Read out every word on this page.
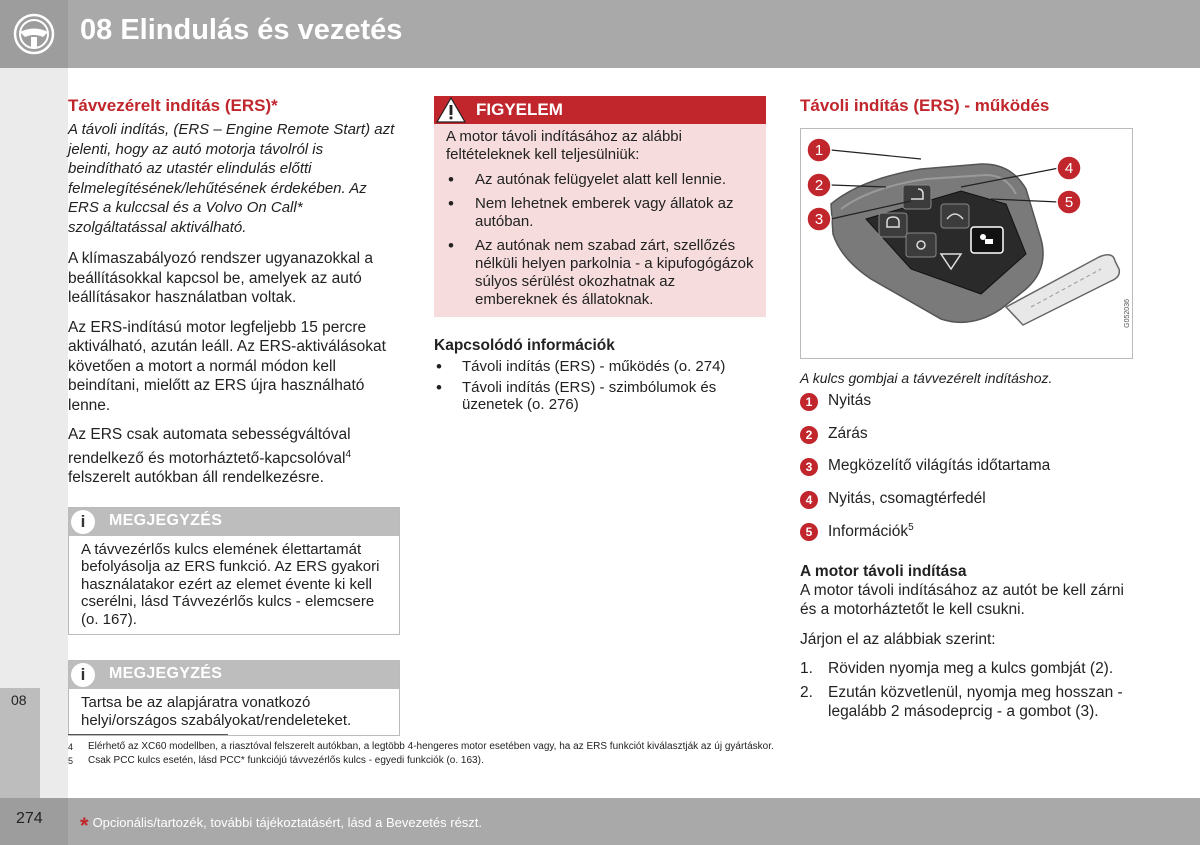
08 Elindulás és vezetés
08
Távvezérelt indítás (ERS)*

A távoli indítás, (ERS – Engine Remote Start) azt jelenti, hogy az autó motorja távolról is beindítható az utastér elindulás előtti felmelegítésének/lehűtésének érdekében. Az ERS a kulccsal és a Volvo On Call* szolgáltatással aktiválható.

A klímaszabályozó rendszer ugyanazokkal a beállításokkal kapcsol be, amelyek az autó leállításakor használatban voltak.

Az ERS-indítású motor legfeljebb 15 percre aktiválható, azután leáll. Az ERS-aktiválásokat követően a motort a normál módon kell beindítani, mielőtt az ERS újra használható lenne.

Az ERS csak automata sebességváltóval rendelkező és motorháztető-kapcsolóval$^4$ felszerelt autókban áll rendelkezésre.

i	MEGJEGYZÉS
A távvezérlős kulcs elemének élettartamát befolyásolja az ERS funkció. Az ERS gyakori használatakor ezért az elemet évente ki kell cserélni, lásd Távvezérlős kulcs - elemcsere (o. 167).
i	MEGJEGYZÉS
Tartsa be az alapjáratra vonatkozó helyi/országos szabályokat/rendeleteket.
FIGYELEM

A motor távoli indításához az alábbi feltételeknek kell teljesülniük:

• Az autónak felügyelet alatt kell lennie.
• Nem lehetnek emberek vagy állatok az autóban.
• Az autónak nem szabad zárt, szellőzés nélküli helyen parkolnia - a kipufogógázok súlyos sérülést okozhatnak az embereknek és állatoknak.
Kapcsolódó információk
• Távoli indítás (ERS) - működés (o. 274)
• Távoli indítás (ERS) - szimbólumok és üzenetek (o. 276)
Távoli indítás (ERS) - működés
1
2
3
4
5
G052036
A kulcs gombjai a távvezérelt indításhoz.
1	Nyitás
2	Zárás
3	Megközelítő világítás időtartama
4	Nyitás, csomagtérfedél
5	Információk$^5$
A motor távoli indítása

A motor távoli indításához az autót be kell zárni és a motorháztetőt le kell csukni.

Járjon el az alábbiak szerint:

1. Röviden nyomja meg a kulcs gombját (2).
2. Ezután közvetlenül, nyomja meg hosszan - legalább 2 másodeprcig - a gombot (3).
4 Elérhető az XC60 modellben, a riasztóval felszerelt autókban, a legtöbb 4-hengeres motor esetében vagy, ha az ERS funkciót kiválasztják az új gyártáskor.
5 Csak PCC kulcs esetén, lásd PCC* funkciójú távvezérlős kulcs - egyedi funkciók (o. 163).
274 * Opcionális/tartozék, további tájékoztatásért, lásd a Bevezetés részt.
